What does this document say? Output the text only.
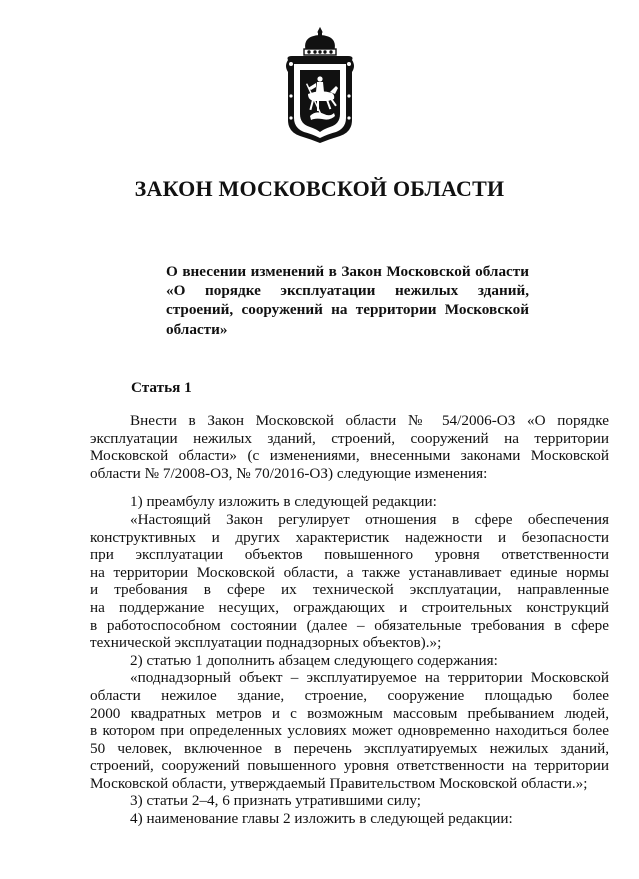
ЗАКОН МОСКОВСКОЙ ОБЛАСТИ
О внесении изменений в Закон Московской области
«О порядке эксплуатации нежилых зданий,
строений, сооружений на территории Московской
области»
Статья 1
Внести в Закон Московской области № 54/2006-ОЗ «О порядке
эксплуатации нежилых зданий, строений, сооружений на территории
Московской области» (с изменениями, внесенными законами Московской
области № 7/2008-ОЗ, № 70/2016-ОЗ) следующие изменения:
1) преамбулу изложить в следующей редакции:
«Настоящий Закон регулирует отношения в сфере обеспечения
конструктивных и других характеристик надежности и безопасности
при эксплуатации объектов повышенного уровня ответственности
на территории Московской области, а также устанавливает единые нормы
и требования в сфере их технической эксплуатации, направленные
на поддержание несущих, ограждающих и строительных конструкций
в работоспособном состоянии (далее – обязательные требования в сфере
технической эксплуатации поднадзорных объектов).»;
2) статью 1 дополнить абзацем следующего содержания:
«поднадзорный объект – эксплуатируемое на территории Московской
области нежилое здание, строение, сооружение площадью более
2000 квадратных метров и с возможным массовым пребыванием людей,
в котором при определенных условиях может одновременно находиться более
50 человек, включенное в перечень эксплуатируемых нежилых зданий,
строений, сооружений повышенного уровня ответственности на территории
Московской области, утверждаемый Правительством Московской области.»;
3) статьи 2–4, 6 признать утратившими силу;
4) наименование главы 2 изложить в следующей редакции:
